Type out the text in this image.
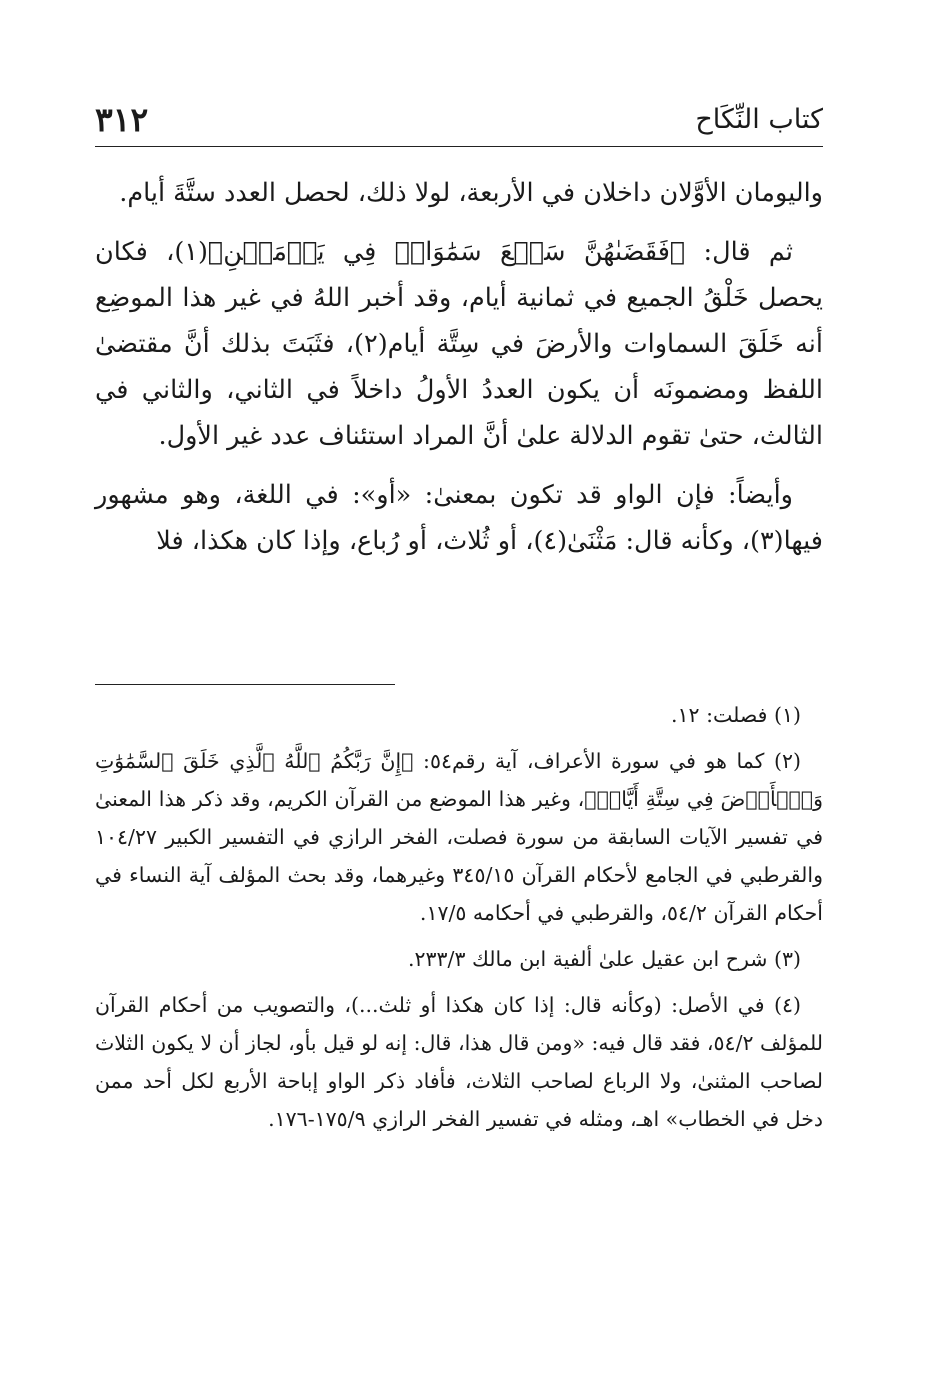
كتاب النِّكَاح
٣١٢

واليومان الأوَّلان داخلان في الأربعة، لولا ذلك، لحصل العدد ستَّةَ أيام.

ثم قال: ﴿فَقَضَىٰهُنَّ سَبۡعَ سَمَٰوَاتٖ فِي يَوۡمَيۡنِ﴾(١)، فكان يحصل خَلْقُ الجميع في ثمانية أيام، وقد أخبر اللهُ في غير هذا الموضِع أنه خَلَقَ السماوات والأرضَ في سِتَّة أيام(٢)، فثَبَتَ بذلك أنَّ مقتضىٰ اللفظ ومضمونَه أن يكون العددُ الأولُ داخلاً في الثاني، والثاني في الثالث، حتىٰ تقوم الدلالة علىٰ أنَّ المراد استئناف عدد غير الأول.

وأيضاً: فإن الواو قد تكون بمعنىٰ: «أو»: في اللغة، وهو مشهور فيها(٣)، وكأنه قال: مَثْنَىٰ(٤)، أو ثُلاث، أو رُباع، وإذا كان هكذا، فلا

(١) فصلت: ١٢.

(٢) كما هو في سورة الأعراف، آية رقم٥٤: ﴿إِنَّ رَبَّكُمُ ٱللَّهُ ٱلَّذِي خَلَقَ ٱلسَّمَٰوَٰتِ وَٱلۡأَرۡضَ فِي سِتَّةِ أَيَّامٖ﴾، وغير هذا الموضع من القرآن الكريم، وقد ذكر هذا المعنىٰ في تفسير الآيات السابقة من سورة فصلت، الفخر الرازي في التفسير الكبير ١٠٤/٢٧ والقرطبي في الجامع لأحكام القرآن ٣٤٥/١٥ وغيرهما، وقد بحث المؤلف آية النساء في أحكام القرآن ٥٤/٢، والقرطبي في أحكامه ١٧/٥.

(٣) شرح ابن عقيل علىٰ ألفية ابن مالك ٢٣٣/٣.

(٤) في الأصل: (وكأنه قال: إذا كان هكذا أو ثلث...)، والتصويب من أحكام القرآن للمؤلف ٥٤/٢، فقد قال فيه: «ومن قال هذا، قال: إنه لو قيل بأو، لجاز أن لا يكون الثلاث لصاحب المثنىٰ، ولا الرباع لصاحب الثلاث، فأفاد ذكر الواو إباحة الأربع لكل أحد ممن دخل في الخطاب» اهـ، ومثله في تفسير الفخر الرازي ١٧٥/٩-١٧٦.
